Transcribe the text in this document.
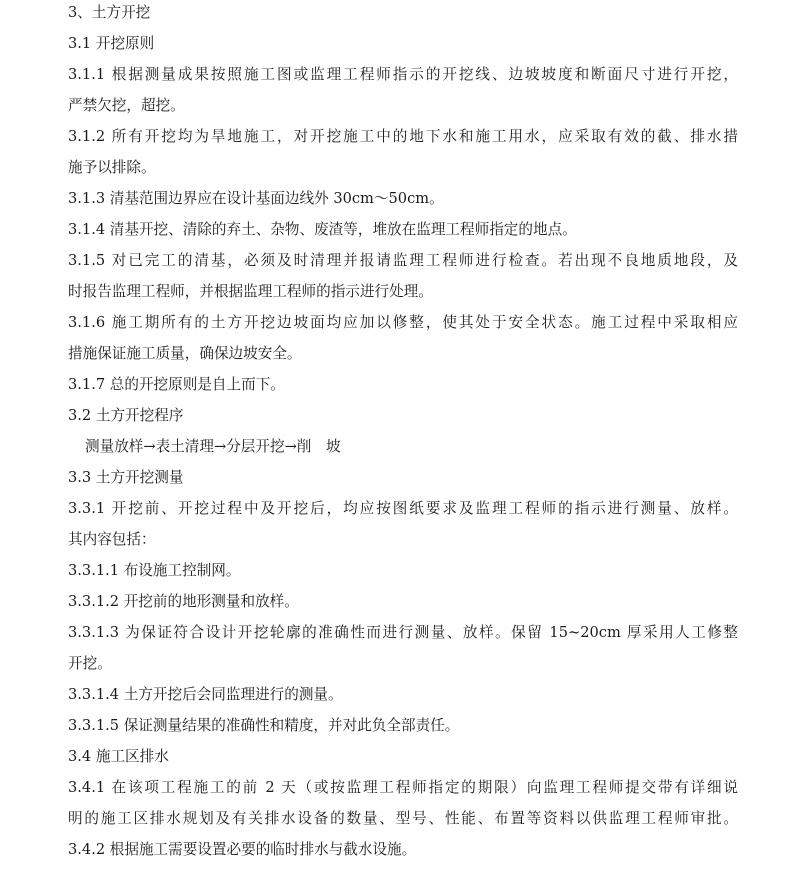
3、土方开挖
3.1 开挖原则
3.1.1 根据测量成果按照施工图或监理工程师指示的开挖线、边坡坡度和断面尺寸进行开挖，
严禁欠挖，超挖。
3.1.2 所有开挖均为旱地施工，对开挖施工中的地下水和施工用水，应采取有效的截、排水措
施予以排除。
3.1.3 清基范围边界应在设计基面边线外 30cm～50cm。
3.1.4 清基开挖、清除的弃土、杂物、废渣等，堆放在监理工程师指定的地点。
3.1.5 对已完工的清基，必须及时清理并报请监理工程师进行检查。若出现不良地质地段，及
时报告监理工程师，并根据监理工程师的指示进行处理。
3.1.6 施工期所有的土方开挖边坡面均应加以修整，使其处于安全状态。施工过程中采取相应
措施保证施工质量，确保边坡安全。
3.1.7 总的开挖原则是自上而下。
3.2 土方开挖程序
测量放样→表土清理→分层开挖→削　坡
3.3 土方开挖测量
3.3.1 开挖前、开挖过程中及开挖后，均应按图纸要求及监理工程师的指示进行测量、放样。
其内容包括：
3.3.1.1 布设施工控制网。
3.3.1.2 开挖前的地形测量和放样。
3.3.1.3 为保证符合设计开挖轮廓的准确性而进行测量、放样。保留 15~20cm 厚采用人工修整
开挖。
3.3.1.4 土方开挖后会同监理进行的测量。
3.3.1.5 保证测量结果的准确性和精度，并对此负全部责任。
3.4 施工区排水
3.4.1 在该项工程施工的前 2 天（或按监理工程师指定的期限）向监理工程师提交带有详细说
明的施工区排水规划及有关排水设备的数量、型号、性能、布置等资料以供监理工程师审批。
3.4.2 根据施工需要设置必要的临时排水与截水设施。
